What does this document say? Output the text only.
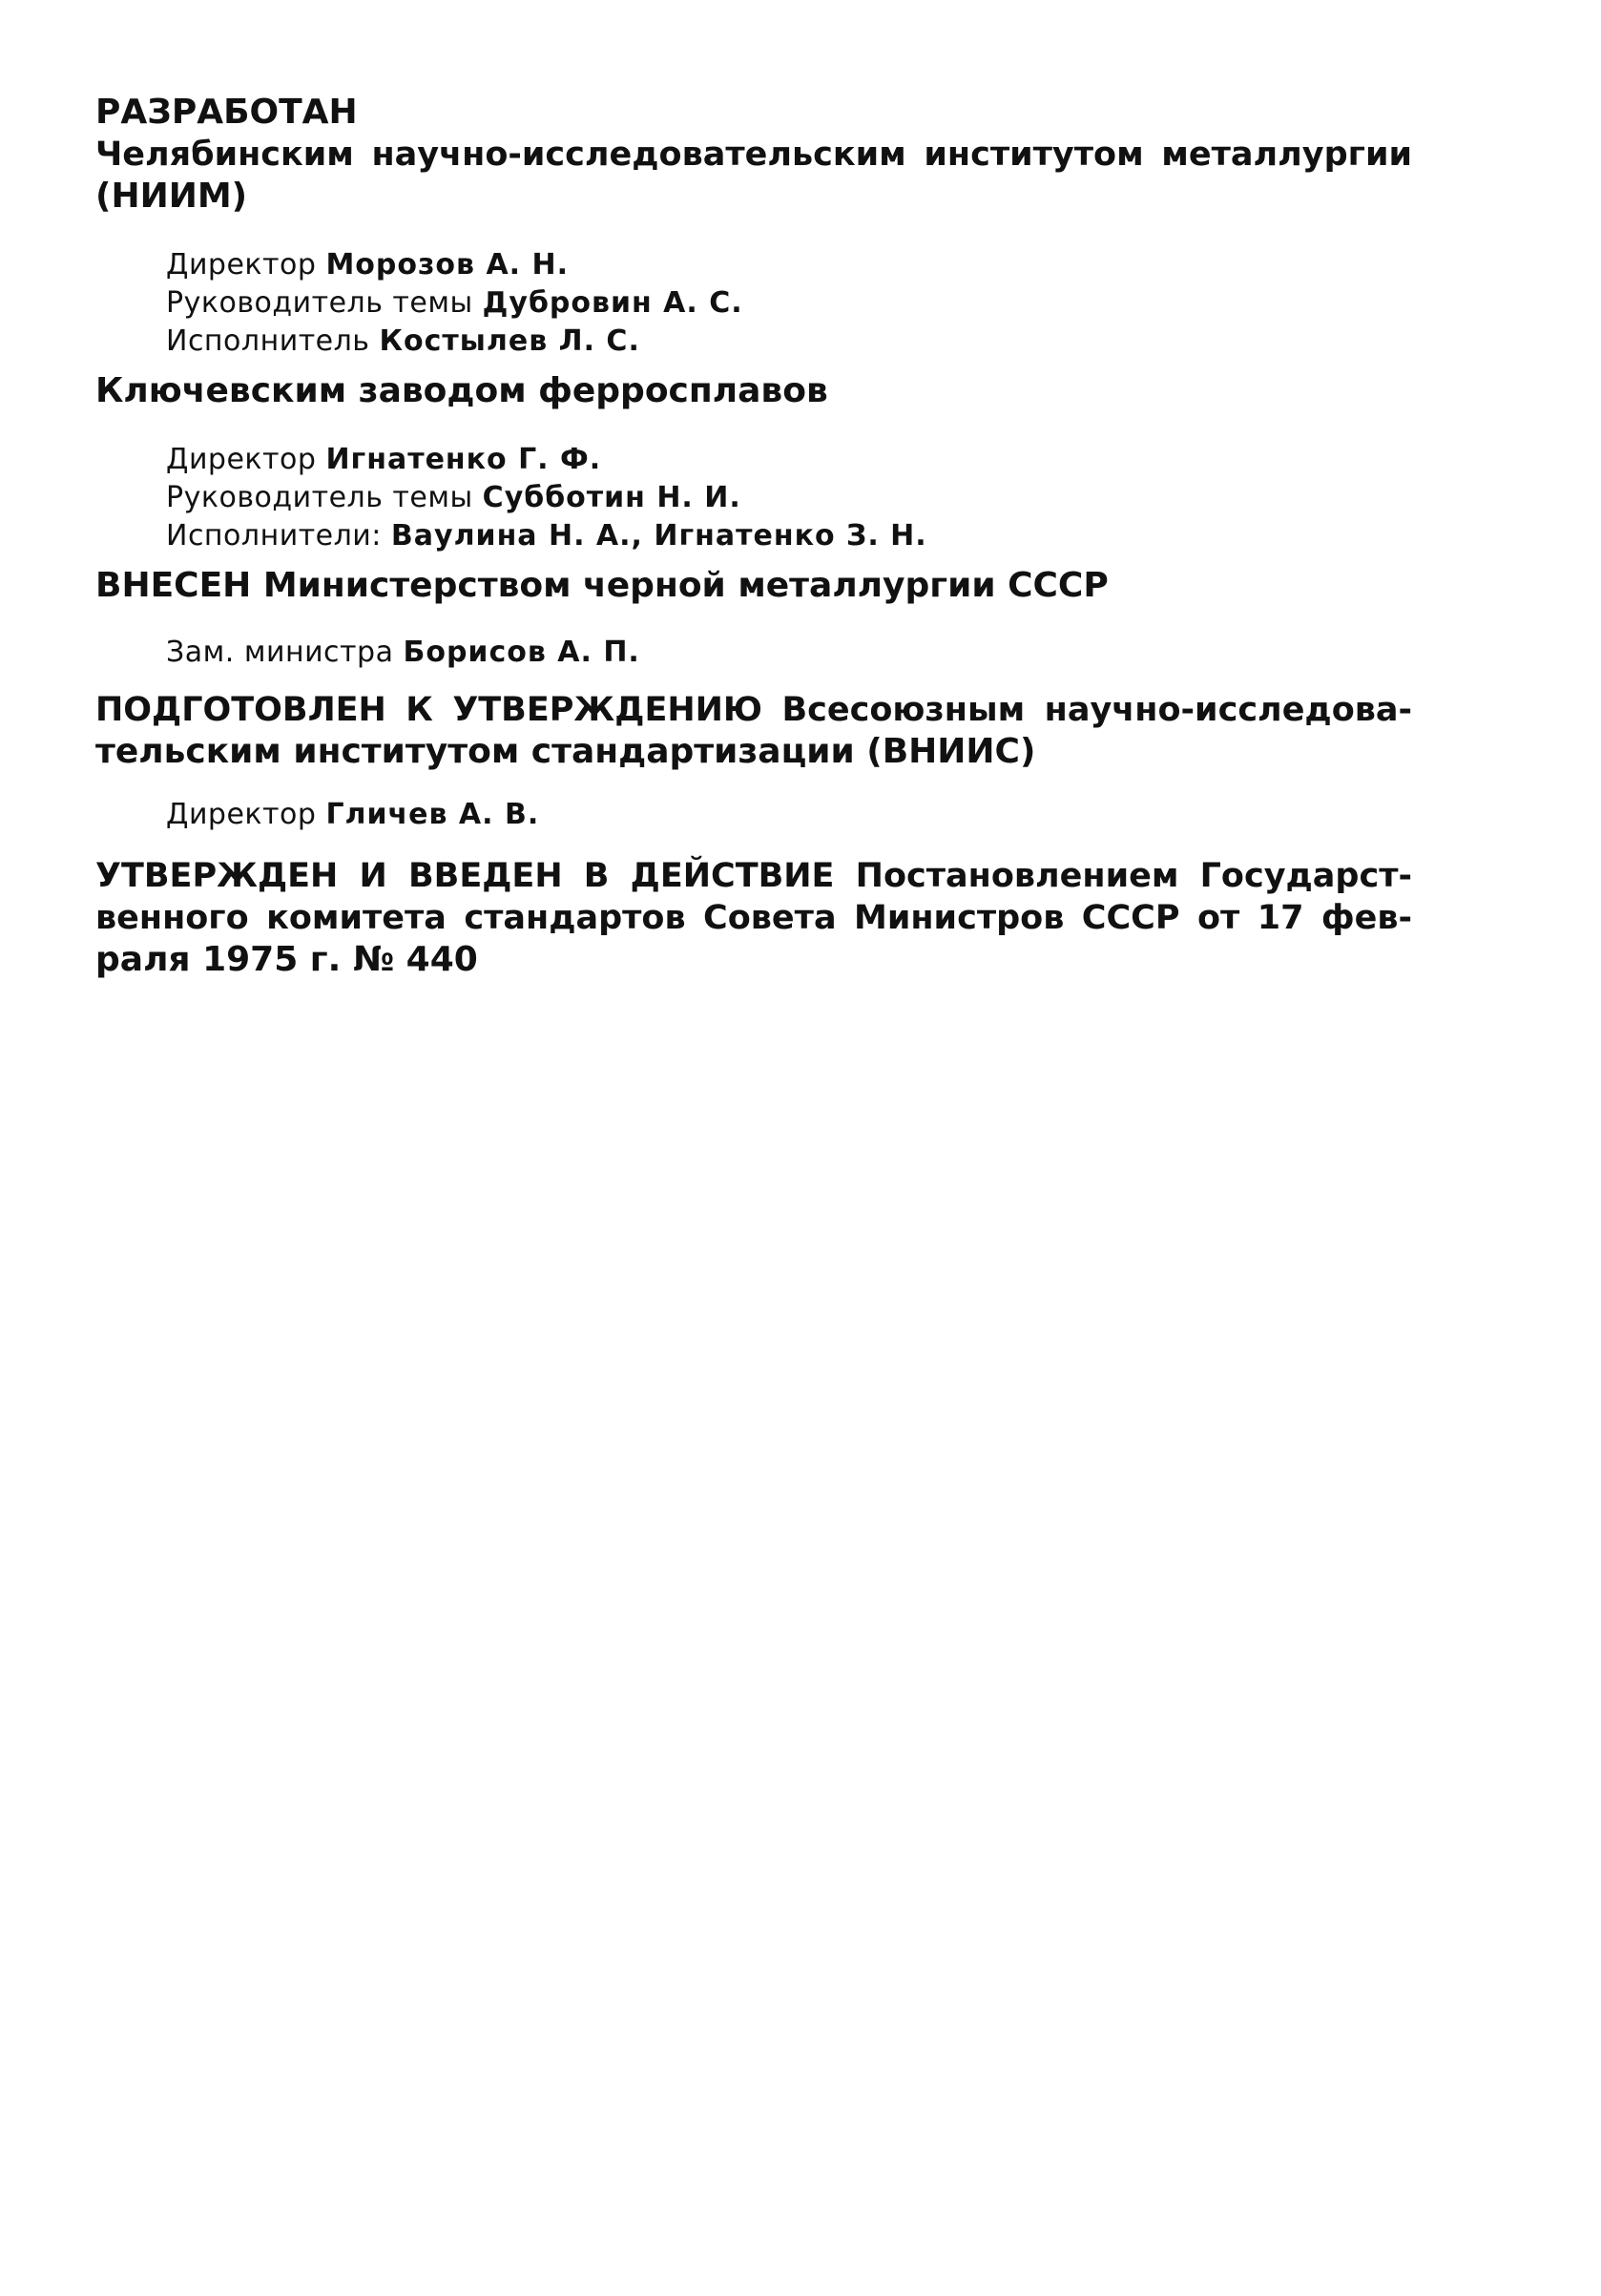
РАЗРАБОТАН
Челябинским научно-исследовательским институтом металлургии
(НИИМ)
Директор Морозов А. Н.
Руководитель темы Дубровин А. С.
Исполнитель Костылев Л. С.
Ключевским заводом ферросплавов
Директор Игнатенко Г. Ф.
Руководитель темы Субботин Н. И.
Исполнители: Ваулина Н. А., Игнатенко З. Н.
ВНЕСЕН Министерством черной металлургии СССР
Зам. министра Борисов А. П.
ПОДГОТОВЛЕН К УТВЕРЖДЕНИЮ Всесоюзным научно-исследова-
тельским институтом стандартизации (ВНИИС)
Директор Гличев А. В.
УТВЕРЖДЕН И ВВЕДЕН В ДЕЙСТВИЕ Постановлением Государст-
венного комитета стандартов Совета Министров СССР от 17 фев-
раля 1975 г. № 440
